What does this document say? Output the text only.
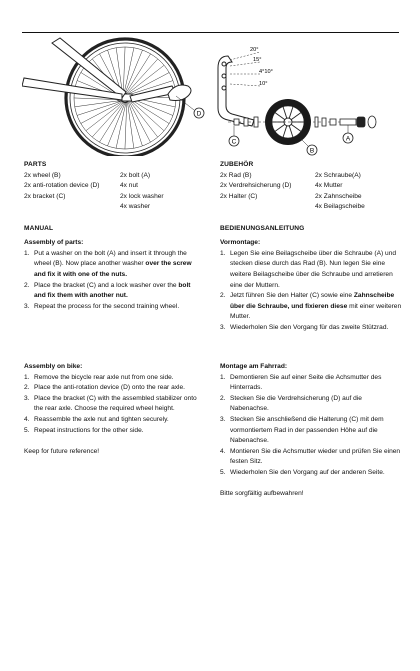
D
20°
15°
4°10°
10°
C
B
A
PARTS
2x wheel (B)
2x anti-rotation device (D)
2x bracket (C)
2x bolt (A)
4x nut
2x lock washer
4x washer
MANUAL
Assembly of parts:
1. Put a washer on the bolt (A) and insert it through the wheel (B). Now place another washer over the screw and fix it with one of the nuts.
2. Place the bracket (C) and a lock washer over the bolt and fix them with another nut.
3. Repeat the process for the second training wheel.
Assembly on bike:
1. Remove the bicycle rear axle nut from one side.
2. Place the anti-rotation device (D) onto the rear axle.
3. Place the bracket (C) with the assembled stabilizer onto the rear axle. Choose the required wheel height.
4. Reassemble the axle nut and tighten securely.
5. Repeat instructions for the other side.
Keep for future reference!
ZUBEHÖR
2x Rad (B)
2x Verdrehsicherung (D)
2x Halter (C)
2x Schraube(A)
4x Mutter
2x Zahnscheibe
4x Beilagscheibe
BEDIENUNGSANLEITUNG
Vormontage:
1. Legen Sie eine Beilagscheibe über die Schraube (A) und stecken diese durch das Rad (B). Nun legen Sie eine weitere Beilagscheibe über die Schraube und arretieren eine der Muttern.
2. Jetzt führen Sie den Halter (C) sowie eine Zahnscheibe über die Schraube, und fixieren diese mit einer weiteren Mutter.
3. Wiederholen Sie den Vorgang für das zweite Stützrad.
Montage am Fahrrad:
1. Demontieren Sie auf einer Seite die Achsmutter des Hinterrads.
2. Stecken Sie die Verdrehsicherung (D) auf die Nabenachse.
3. Stecken Sie anschließend die Halterung (C) mit dem vormontiertem Rad in der passenden Höhe auf die Nabenachse.
4. Montieren Sie die Achsmutter wieder und prüfen Sie einen festen Sitz.
5. Wiederholen Sie den Vorgang auf der anderen Seite.
Bitte sorgfältig aufbewahren!
